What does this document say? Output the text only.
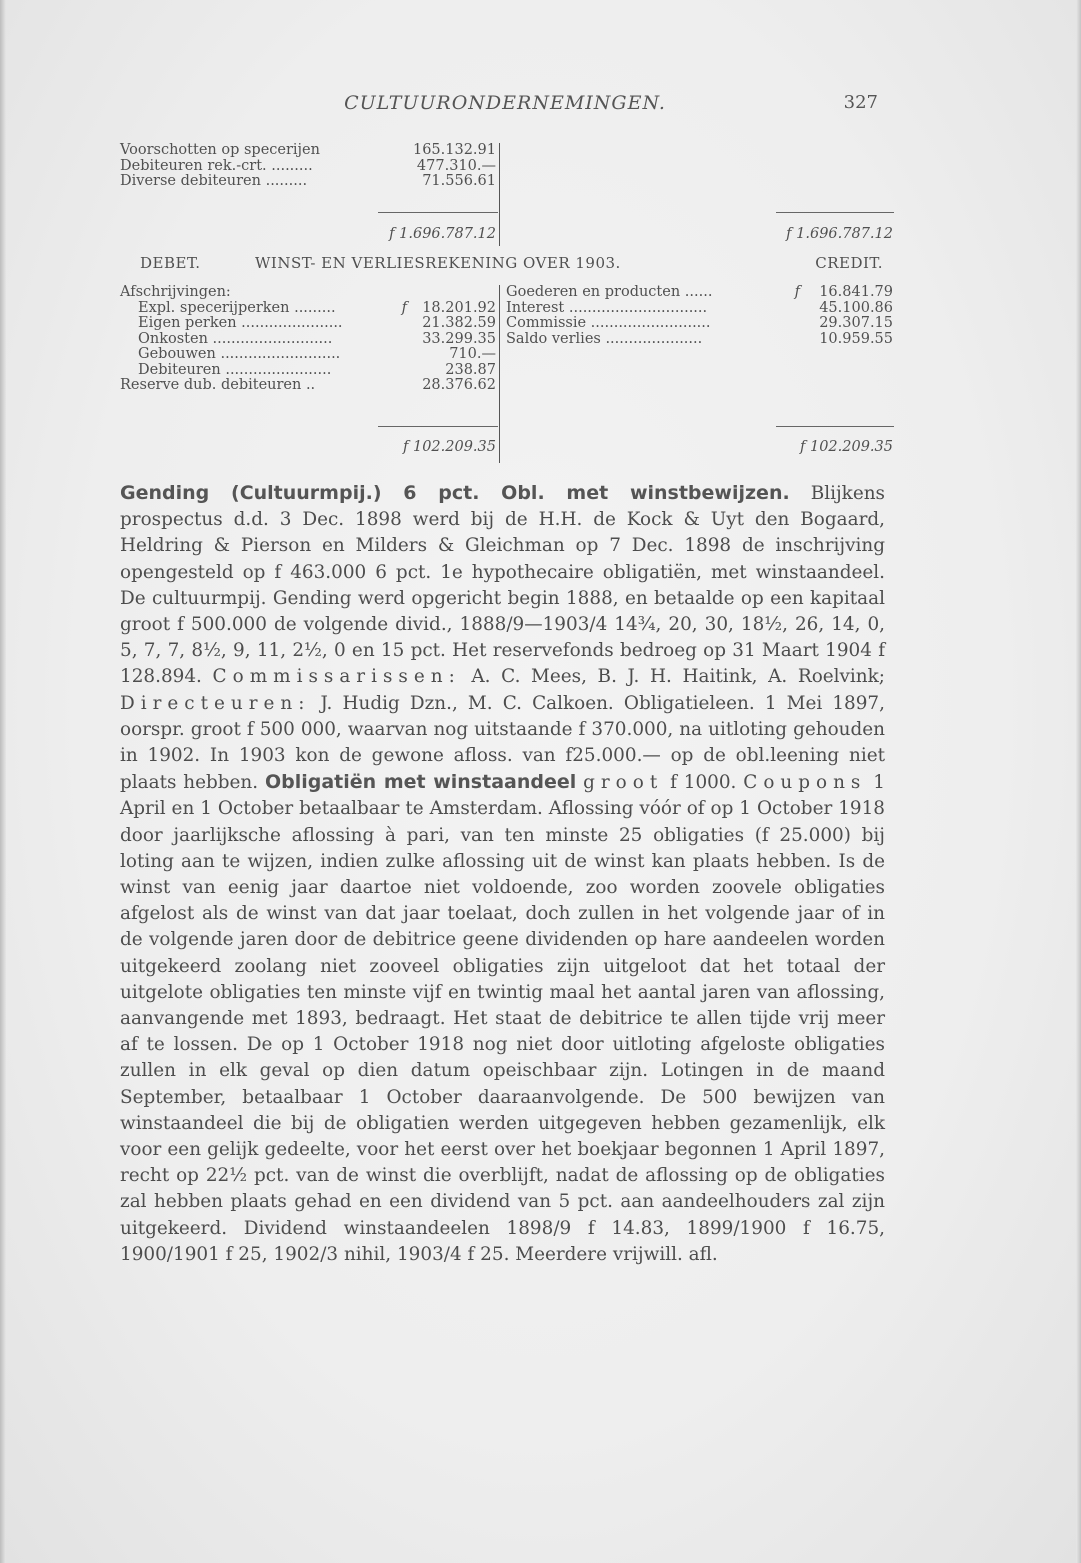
CULTUURONDERNEMINGEN.	327
Voorschotten op specerijen	165.132.91
Debiteuren rek.-crt. .........	477.310.—
Diverse debiteuren .........	71.556.61
f 1.696.787.12	f 1.696.787.12
DEBET.	WINST- EN VERLIESREKENING OVER 1903.	CREDIT.
Afschrijvingen:
Expl. specerijperken .........	f 18.201.92
Eigen perken ......................	21.382.59
Onkosten ..........................	33.299.35
Gebouwen ..........................	710.—
Debiteuren .......................	238.87
Reserve dub. debiteuren ..	28.376.62
Goederen en producten ......	f 16.841.79
Interest ..............................	45.100.86
Commissie ..........................	29.307.15
Saldo verlies .....................	10.959.55
f 102.209.35	f 102.209.35

Gending (Cultuurmpij.) 6 pct. Obl. met winstbewijzen. Blijkens prospectus d.d. 3 Dec. 1898 werd bij de H.H. de Kock & Uyt den Bogaard, Heldring & Pierson en Milders & Gleichman op 7 Dec. 1898 de inschrijving opengesteld op f 463.000 6 pct. 1e hypothecaire obligatiën, met winstaandeel. De cultuurmpij. Gending werd opgericht begin 1888, en betaalde op een kapitaal groot f 500.000 de volgende divid., 1888/9—1903/4 14¾, 20, 30, 18½, 26, 14, 0, 5, 7, 7, 8½, 9, 11, 2½, 0 en 15 pct. Het reservefonds bedroeg op 31 Maart 1904 f 128.894. Commissarissen: A. C. Mees, B. J. H. Haitink, A. Roelvink; Directeuren: J. Hudig Dzn., M. C. Calkoen. Obligatieleen. 1 Mei 1897, oorspr. groot f 500 000, waarvan nog uitstaande f 370.000, na uitloting gehouden in 1902. In 1903 kon de gewone afloss. van f25.000.— op de obl.leening niet plaats hebben. Obligatiën met winstaandeel groot f 1000. Coupons 1 April en 1 October betaalbaar te Amsterdam. Aflossing vóór of op 1 October 1918 door jaarlijksche aflossing à pari, van ten minste 25 obligaties (f 25.000) bij loting aan te wijzen, indien zulke aflossing uit de winst kan plaats hebben. Is de winst van eenig jaar daartoe niet voldoende, zoo worden zoovele obligaties afgelost als de winst van dat jaar toelaat, doch zullen in het volgende jaar of in de volgende jaren door de debitrice geene dividenden op hare aandeelen worden uitgekeerd zoolang niet zooveel obligaties zijn uitgeloot dat het totaal der uitgelote obligaties ten minste vijf en twintig maal het aantal jaren van aflossing, aanvangende met 1893, bedraagt. Het staat de debitrice te allen tijde vrij meer af te lossen. De op 1 October 1918 nog niet door uitloting afgeloste obligaties zullen in elk geval op dien datum opeischbaar zijn. Lotingen in de maand September, betaalbaar 1 October daaraanvolgende. De 500 bewijzen van winstaandeel die bij de obligatien werden uitgegeven hebben gezamenlijk, elk voor een gelijk gedeelte, voor het eerst over het boekjaar begonnen 1 April 1897, recht op 22½ pct. van de winst die overblijft, nadat de aflossing op de obligaties zal hebben plaats gehad en een dividend van 5 pct. aan aandeelhouders zal zijn uitgekeerd. Dividend winstaandeelen 1898/9 f 14.83, 1899/1900 f 16.75, 1900/1901 f 25, 1902/3 nihil, 1903/4 f 25. Meerdere vrijwill. afl.
